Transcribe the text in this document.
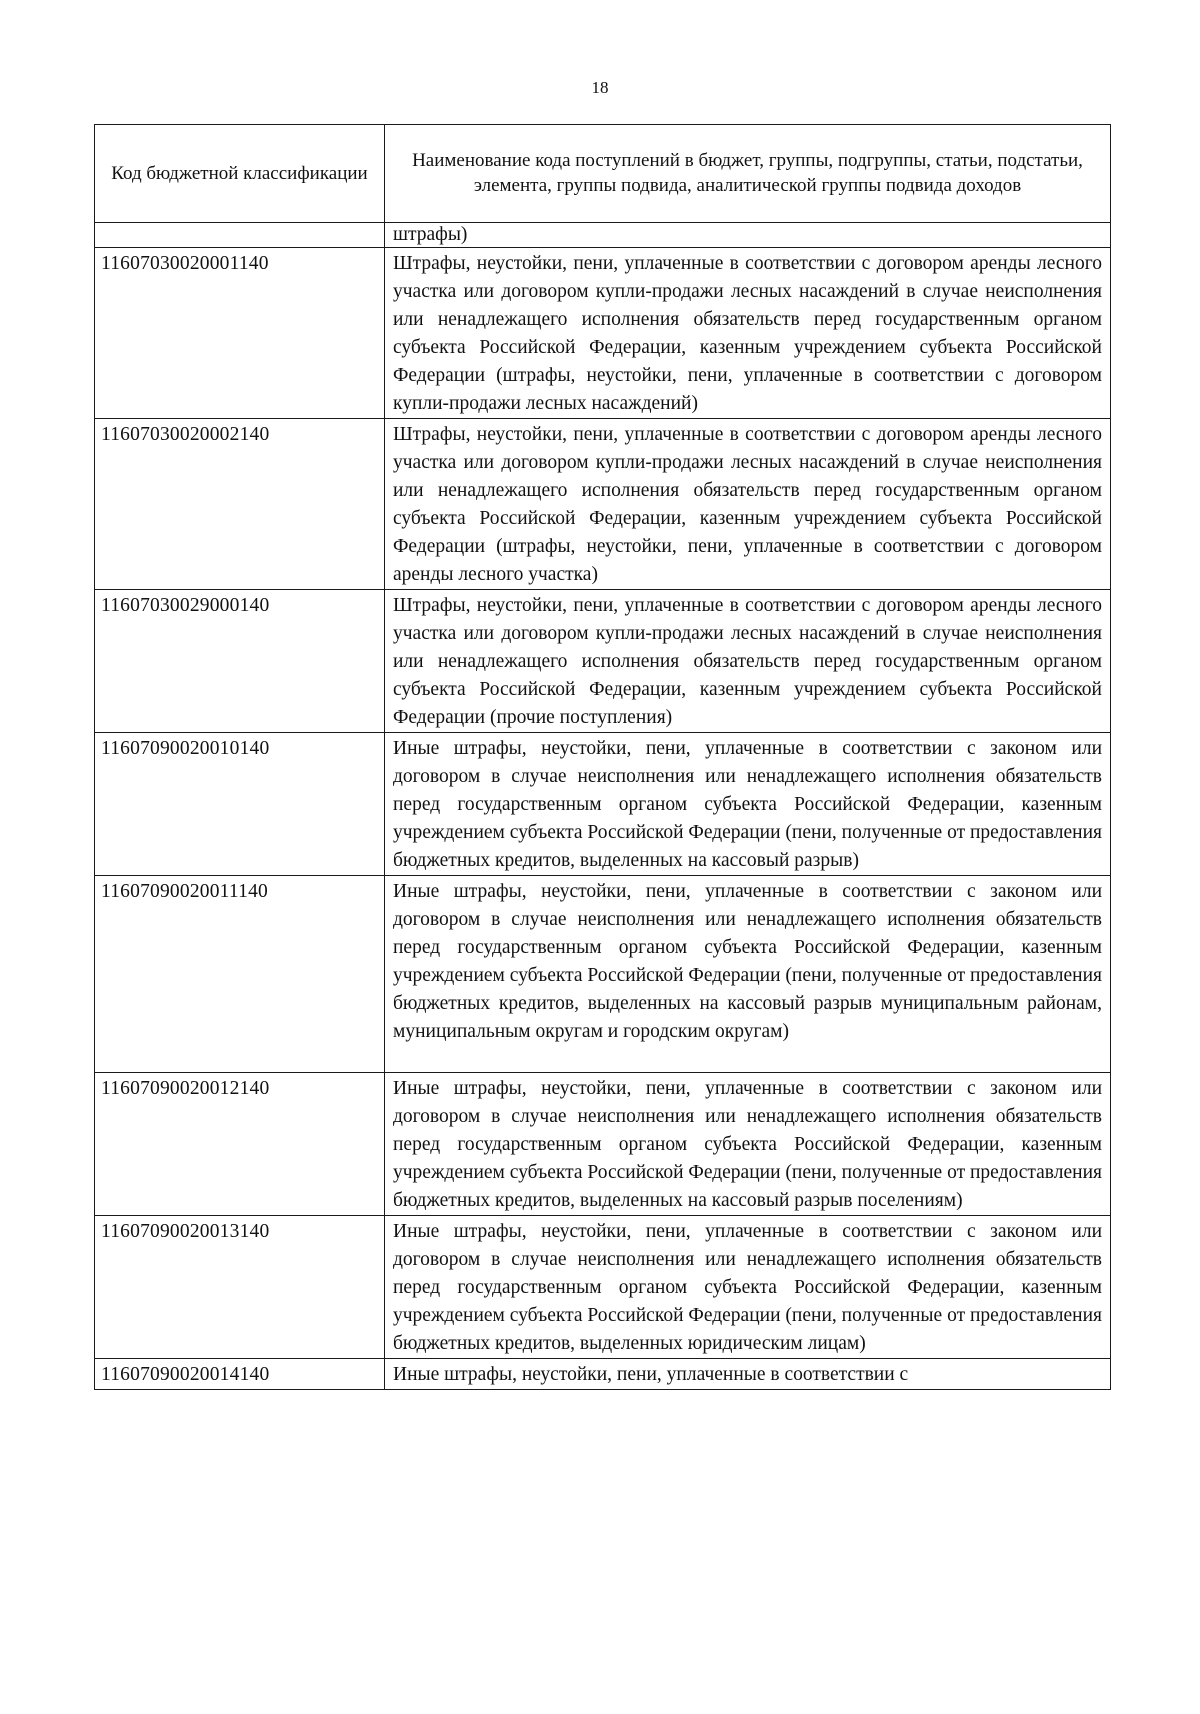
18
Код бюджетной классификации	Наименование кода поступлений в бюджет, группы, подгруппы, статьи, подстатьи, элемента, группы подвида, аналитической группы подвида доходов
	штрафы)
11607030020001140	Штрафы, неустойки, пени, уплаченные в соответствии с договором аренды лесного участка или договором купли-продажи лесных насаждений в случае неисполнения или ненадлежащего исполнения обязательств перед государственным органом субъекта Российской Федерации, казенным учреждением субъекта Российской Федерации (штрафы, неустойки, пени, уплаченные в соответствии с договором купли-продажи лесных насаждений)
11607030020002140	Штрафы, неустойки, пени, уплаченные в соответствии с договором аренды лесного участка или договором купли-продажи лесных насаждений в случае неисполнения или ненадлежащего исполнения обязательств перед государственным органом субъекта Российской Федерации, казенным учреждением субъекта Российской Федерации (штрафы, неустойки, пени, уплаченные в соответствии с договором аренды лесного участка)
11607030029000140	Штрафы, неустойки, пени, уплаченные в соответствии с договором аренды лесного участка или договором купли-продажи лесных насаждений в случае неисполнения или ненадлежащего исполнения обязательств перед государственным органом субъекта Российской Федерации, казенным учреждением субъекта Российской Федерации (прочие поступления)
11607090020010140	Иные штрафы, неустойки, пени, уплаченные в соответствии с законом или договором в случае неисполнения или ненадлежащего исполнения обязательств перед государственным органом субъекта Российской Федерации, казенным учреждением субъекта Российской Федерации (пени, полученные от предоставления бюджетных кредитов, выделенных на кассовый разрыв)
11607090020011140	Иные штрафы, неустойки, пени, уплаченные в соответствии с законом или договором в случае неисполнения или ненадлежащего исполнения обязательств перед государственным органом субъекта Российской Федерации, казенным учреждением субъекта Российской Федерации (пени, полученные от предоставления бюджетных кредитов, выделенных на кассовый разрыв муниципальным районам, муниципальным округам и городским округам)
11607090020012140	Иные штрафы, неустойки, пени, уплаченные в соответствии с законом или договором в случае неисполнения или ненадлежащего исполнения обязательств перед государственным органом субъекта Российской Федерации, казенным учреждением субъекта Российской Федерации (пени, полученные от предоставления бюджетных кредитов, выделенных на кассовый разрыв поселениям)
11607090020013140	Иные штрафы, неустойки, пени, уплаченные в соответствии с законом или договором в случае неисполнения или ненадлежащего исполнения обязательств перед государственным органом субъекта Российской Федерации, казенным учреждением субъекта Российской Федерации (пени, полученные от предоставления бюджетных кредитов, выделенных юридическим лицам)
11607090020014140	Иные штрафы, неустойки, пени, уплаченные в соответствии с
